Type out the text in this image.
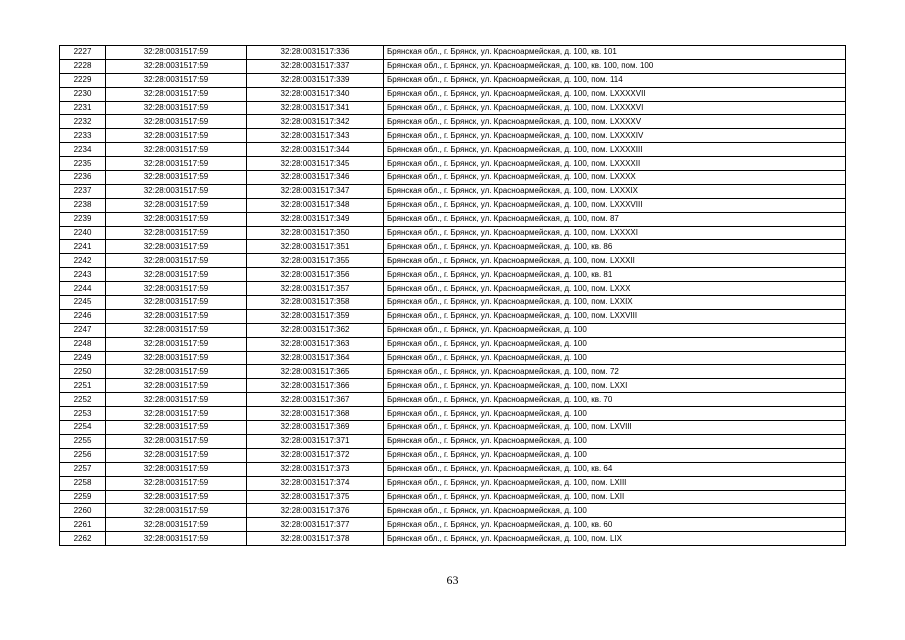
2227	32:28:0031517:59	32:28:0031517:336	Брянская обл., г. Брянск, ул. Красноармейская, д. 100, кв. 101
2228	32:28:0031517:59	32:28:0031517:337	Брянская обл., г. Брянск, ул. Красноармейская, д. 100, кв. 100, пом. 100
2229	32:28:0031517:59	32:28:0031517:339	Брянская обл., г. Брянск, ул. Красноармейская, д. 100, пом. 114
2230	32:28:0031517:59	32:28:0031517:340	Брянская обл., г. Брянск, ул. Красноармейская, д. 100, пом. LXXXXVII
2231	32:28:0031517:59	32:28:0031517:341	Брянская обл., г. Брянск, ул. Красноармейская, д. 100, пом. LXXXXVI
2232	32:28:0031517:59	32:28:0031517:342	Брянская обл., г. Брянск, ул. Красноармейская, д. 100, пом. LXXXXV
2233	32:28:0031517:59	32:28:0031517:343	Брянская обл., г. Брянск, ул. Красноармейская, д. 100, пом. LXXXXIV
2234	32:28:0031517:59	32:28:0031517:344	Брянская обл., г. Брянск, ул. Красноармейская, д. 100, пом. LXXXXIII
2235	32:28:0031517:59	32:28:0031517:345	Брянская обл., г. Брянск, ул. Красноармейская, д. 100, пом. LXXXXII
2236	32:28:0031517:59	32:28:0031517:346	Брянская обл., г. Брянск, ул. Красноармейская, д. 100, пом. LXXXX
2237	32:28:0031517:59	32:28:0031517:347	Брянская обл., г. Брянск, ул. Красноармейская, д. 100, пом. LXXXIX
2238	32:28:0031517:59	32:28:0031517:348	Брянская обл., г. Брянск, ул. Красноармейская, д. 100, пом. LXXXVIII
2239	32:28:0031517:59	32:28:0031517:349	Брянская обл., г. Брянск, ул. Красноармейская, д. 100, пом. 87
2240	32:28:0031517:59	32:28:0031517:350	Брянская обл., г. Брянск, ул. Красноармейская, д. 100, пом. LXXXXI
2241	32:28:0031517:59	32:28:0031517:351	Брянская обл., г. Брянск, ул. Красноармейская, д. 100, кв. 86
2242	32:28:0031517:59	32:28:0031517:355	Брянская обл., г. Брянск, ул. Красноармейская, д. 100, пом. LXXXII
2243	32:28:0031517:59	32:28:0031517:356	Брянская обл., г. Брянск, ул. Красноармейская, д. 100, кв. 81
2244	32:28:0031517:59	32:28:0031517:357	Брянская обл., г. Брянск, ул. Красноармейская, д. 100, пом. LXXX
2245	32:28:0031517:59	32:28:0031517:358	Брянская обл., г. Брянск, ул. Красноармейская, д. 100, пом. LXXIX
2246	32:28:0031517:59	32:28:0031517:359	Брянская обл., г. Брянск, ул. Красноармейская, д. 100, пом. LXXVIII
2247	32:28:0031517:59	32:28:0031517:362	Брянская обл., г. Брянск, ул. Красноармейская, д. 100
2248	32:28:0031517:59	32:28:0031517:363	Брянская обл., г. Брянск, ул. Красноармейская, д. 100
2249	32:28:0031517:59	32:28:0031517:364	Брянская обл., г. Брянск, ул. Красноармейская, д. 100
2250	32:28:0031517:59	32:28:0031517:365	Брянская обл., г. Брянск, ул. Красноармейская, д. 100, пом. 72
2251	32:28:0031517:59	32:28:0031517:366	Брянская обл., г. Брянск, ул. Красноармейская, д. 100, пом. LXXI
2252	32:28:0031517:59	32:28:0031517:367	Брянская обл., г. Брянск, ул. Красноармейская, д. 100, кв. 70
2253	32:28:0031517:59	32:28:0031517:368	Брянская обл., г. Брянск, ул. Красноармейская, д. 100
2254	32:28:0031517:59	32:28:0031517:369	Брянская обл., г. Брянск, ул. Красноармейская, д. 100, пом. LXVIII
2255	32:28:0031517:59	32:28:0031517:371	Брянская обл., г. Брянск, ул. Красноармейская, д. 100
2256	32:28:0031517:59	32:28:0031517:372	Брянская обл., г. Брянск, ул. Красноармейская, д. 100
2257	32:28:0031517:59	32:28:0031517:373	Брянская обл., г. Брянск, ул. Красноармейская, д. 100, кв. 64
2258	32:28:0031517:59	32:28:0031517:374	Брянская обл., г. Брянск, ул. Красноармейская, д. 100, пом. LXIII
2259	32:28:0031517:59	32:28:0031517:375	Брянская обл., г. Брянск, ул. Красноармейская, д. 100, пом. LXII
2260	32:28:0031517:59	32:28:0031517:376	Брянская обл., г. Брянск, ул. Красноармейская, д. 100
2261	32:28:0031517:59	32:28:0031517:377	Брянская обл., г. Брянск, ул. Красноармейская, д. 100, кв. 60
2262	32:28:0031517:59	32:28:0031517:378	Брянская обл., г. Брянск, ул. Красноармейская, д. 100, пом. LIX
63
